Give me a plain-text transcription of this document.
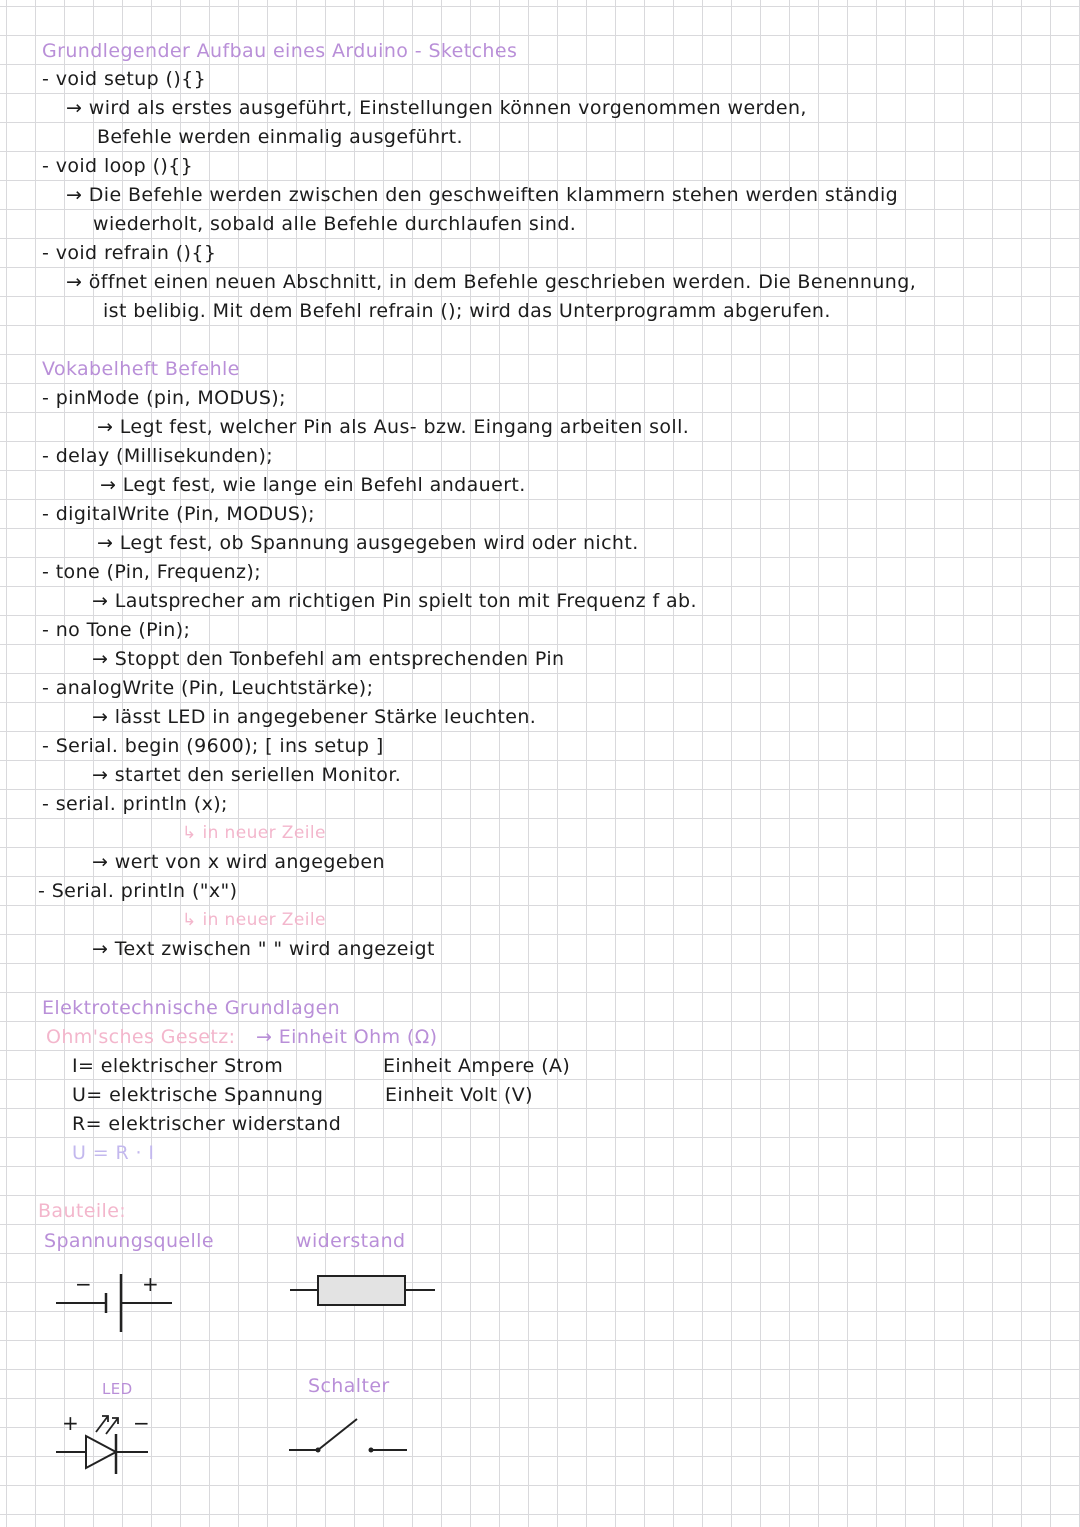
Grundlegender Aufbau eines Arduino - Sketches
- void setup (){}
→ wird als erstes ausgeführt, Einstellungen können vorgenommen werden,
Befehle werden einmalig ausgeführt.
- void loop (){}
→ Die Befehle werden zwischen den geschweiften klammern stehen werden ständig
wiederholt, sobald alle Befehle durchlaufen sind.
- void refrain (){}
→ öffnet einen neuen Abschnitt, in dem Befehle geschrieben werden. Die Benennung,
ist belibig. Mit dem Befehl refrain (); wird das Unterprogramm abgerufen.
Vokabelheft Befehle
- pinMode (pin, MODUS);
→ Legt fest, welcher Pin als Aus- bzw. Eingang arbeiten soll.
- delay (Millisekunden);
→ Legt fest, wie lange ein Befehl andauert.
- digitalWrite (Pin, MODUS);
→ Legt fest, ob Spannung ausgegeben wird oder nicht.
- tone (Pin, Frequenz);
→ Lautsprecher am richtigen Pin spielt ton mit Frequenz f ab.
- no Tone (Pin);
→ Stoppt den Tonbefehl am entsprechenden Pin
- analogWrite (Pin, Leuchtstärke);
→ lässt LED in angegebener Stärke leuchten.
- Serial. begin (9600); [ ins setup ]
→ startet den seriellen Monitor.
- serial. println (x);
↳ in neuer Zeile
→ wert von x wird angegeben
- Serial. println ("x")
↳ in neuer Zeile
→ Text zwischen " " wird angezeigt
Elektrotechnische Grundlagen
Ohm'sches Gesetz: → Einheit Ohm (Ω)
I= elektrischer Strom	Einheit Ampere (A)
U= elektrische Spannung	Einheit Volt (V)
R= elektrischer widerstand
U = R · I
Bauteile:
Spannungsquelle	widerstand
LED	Schalter
− +
+	−
